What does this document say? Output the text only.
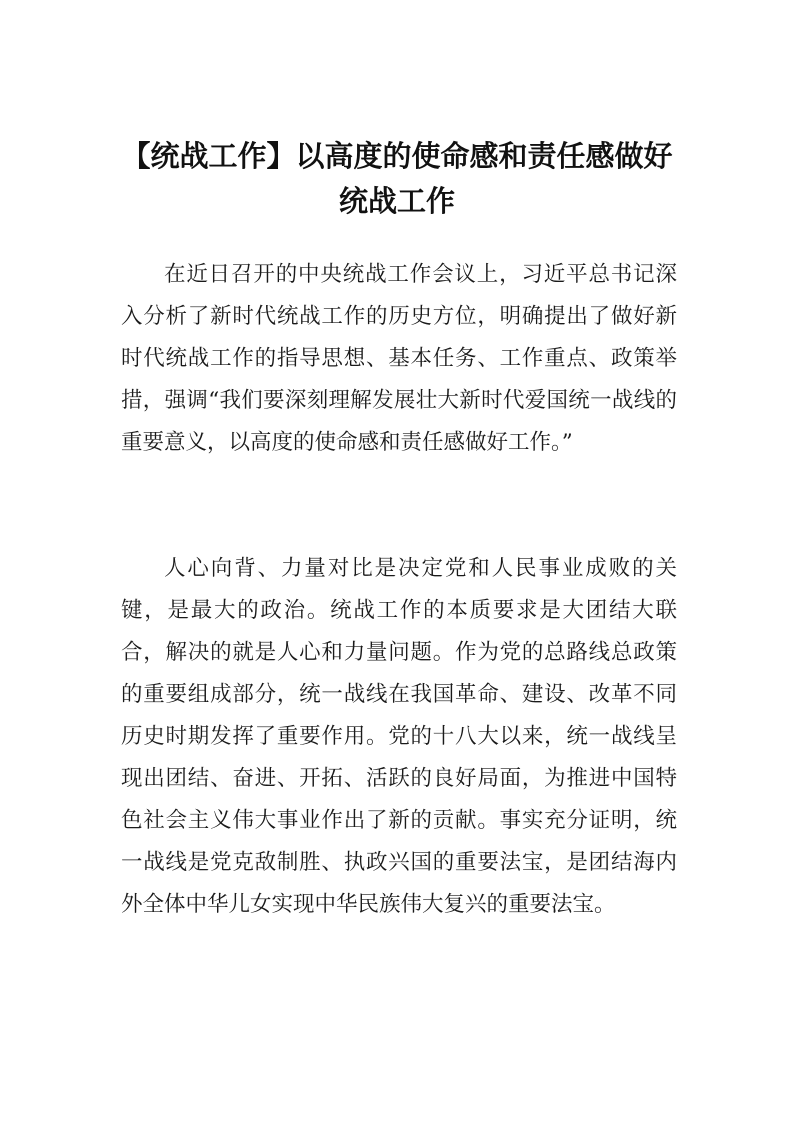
【统战工作】以高度的使命感和责任感做好统战工作

在近日召开的中央统战工作会议上，习近平总书记深入分析了新时代统战工作的历史方位，明确提出了做好新时代统战工作的指导思想、基本任务、工作重点、政策举措，强调“我们要深刻理解发展壮大新时代爱国统一战线的重要意义，以高度的使命感和责任感做好工作。”

人心向背、力量对比是决定党和人民事业成败的关键，是最大的政治。统战工作的本质要求是大团结大联合，解决的就是人心和力量问题。作为党的总路线总政策的重要组成部分，统一战线在我国革命、建设、改革不同历史时期发挥了重要作用。党的十八大以来，统一战线呈现出团结、奋进、开拓、活跃的良好局面，为推进中国特色社会主义伟大事业作出了新的贡献。事实充分证明，统一战线是党克敌制胜、执政兴国的重要法宝，是团结海内外全体中华儿女实现中华民族伟大复兴的重要法宝。
